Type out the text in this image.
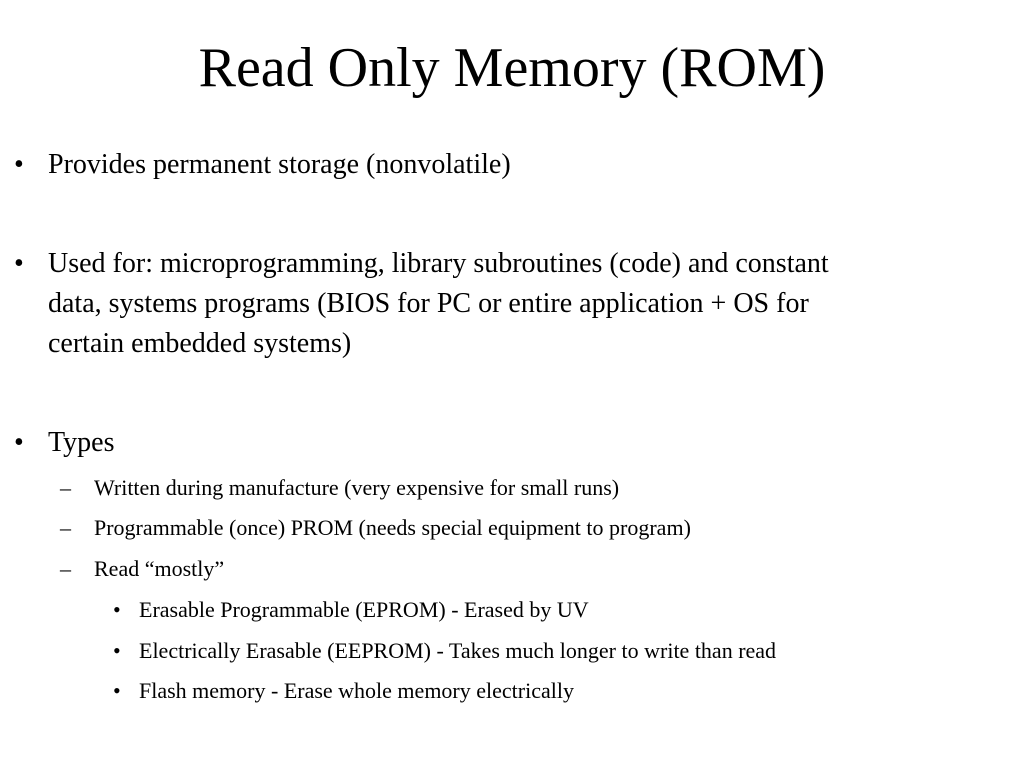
Read Only Memory (ROM)
• Provides permanent storage (nonvolatile)
• Used for: microprogramming, library subroutines (code) and constant
data, systems programs (BIOS for PC or entire application + OS for
certain embedded systems)
• Types
– Written during manufacture (very expensive for small runs)
– Programmable (once) PROM (needs special equipment to program)
– Read “mostly”
• Erasable Programmable (EPROM) - Erased by UV
• Electrically Erasable (EEPROM) - Takes much longer to write than read
• Flash memory - Erase whole memory electrically
